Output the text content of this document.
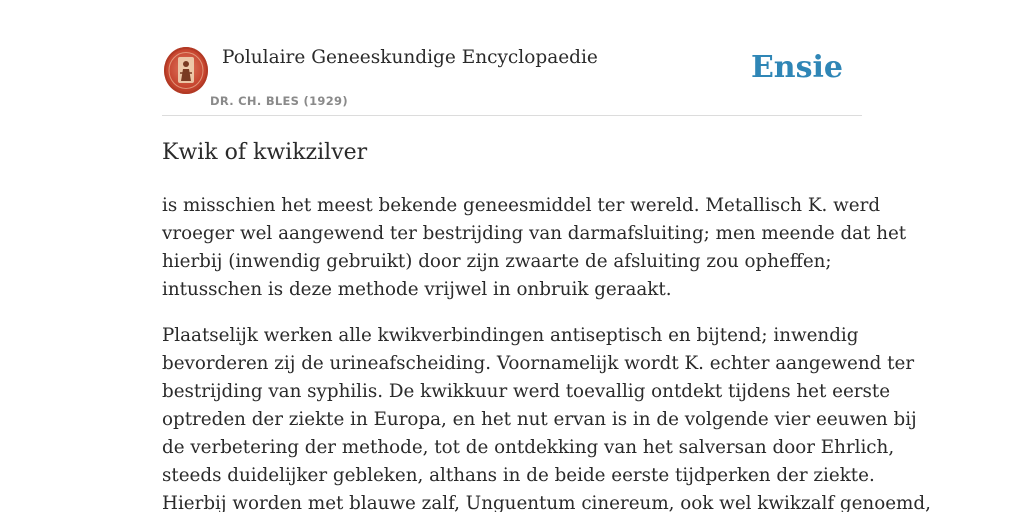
Polulaire Geneeskundige Encyclopaedie
DR. CH. BLES (1929)
Ensie
Kwik of kwikzilver

is misschien het meest bekende geneesmiddel ter wereld. Metallisch K. werd
vroeger wel aangewend ter bestrijding van darmafsluiting; men meende dat het
hierbij (inwendig gebruikt) door zijn zwaarte de afsluiting zou opheffen;
intusschen is deze methode vrijwel in onbruik geraakt.

Plaatselijk werken alle kwikverbindingen antiseptisch en bijtend; inwendig
bevorderen zij de urineafscheiding. Voornamelijk wordt K. echter aangewend ter
bestrijding van syphilis. De kwikkuur werd toevallig ontdekt tijdens het eerste
optreden der ziekte in Europa, en het nut ervan is in de volgende vier eeuwen bij
de verbetering der methode, tot de ontdekking van het salversan door Ehrlich,
steeds duidelijker gebleken, althans in de beide eerste tijdperken der ziekte.
Hierbij worden met blauwe zalf, Unguentum cinereum, ook wel kwikzalf genoemd,
